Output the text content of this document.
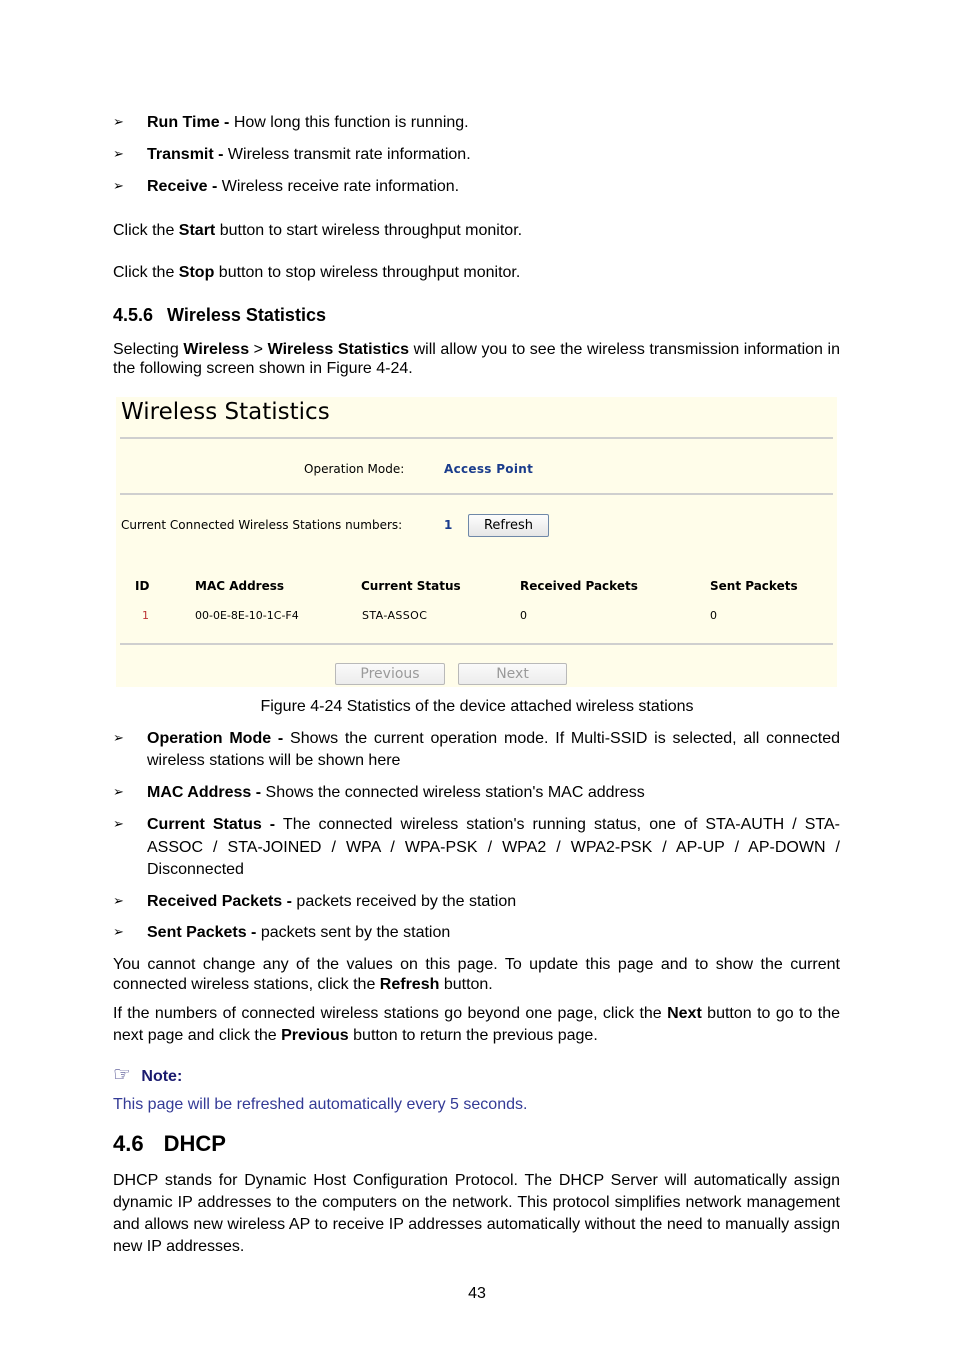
➢ Run Time - How long this function is running.
➢ Transmit - Wireless transmit rate information.
➢ Receive - Wireless receive rate information.
Click the Start button to start wireless throughput monitor.
Click the Stop button to stop wireless throughput monitor.
4.5.6 Wireless Statistics
Selecting Wireless > Wireless Statistics will allow you to see the wireless transmission information in the following screen shown in Figure 4-24.
Wireless Statistics
Operation Mode:	Access Point
Current Connected Wireless Stations numbers:	1	Refresh
ID	MAC Address	Current Status	Received Packets	Sent Packets
1	00-0E-8E-10-1C-F4	STA-ASSOC	0	0
Previous	Next
Figure 4-24 Statistics of the device attached wireless stations
➢ Operation Mode - Shows the current operation mode. If Multi-SSID is selected, all connected wireless stations will be shown here
➢ MAC Address - Shows the connected wireless station's MAC address
➢ Current Status - The connected wireless station's running status, one of STA-AUTH / STA-ASSOC / STA-JOINED / WPA / WPA-PSK / WPA2 / WPA2-PSK / AP-UP / AP-DOWN / Disconnected
➢ Received Packets - packets received by the station
➢ Sent Packets - packets sent by the station
You cannot change any of the values on this page. To update this page and to show the current connected wireless stations, click the Refresh button.
If the numbers of connected wireless stations go beyond one page, click the Next button to go to the next page and click the Previous button to return the previous page.
☞ Note:
This page will be refreshed automatically every 5 seconds.
4.6 DHCP
DHCP stands for Dynamic Host Configuration Protocol. The DHCP Server will automatically assign dynamic IP addresses to the computers on the network. This protocol simplifies network management and allows new wireless AP to receive IP addresses automatically without the need to manually assign new IP addresses.
43
